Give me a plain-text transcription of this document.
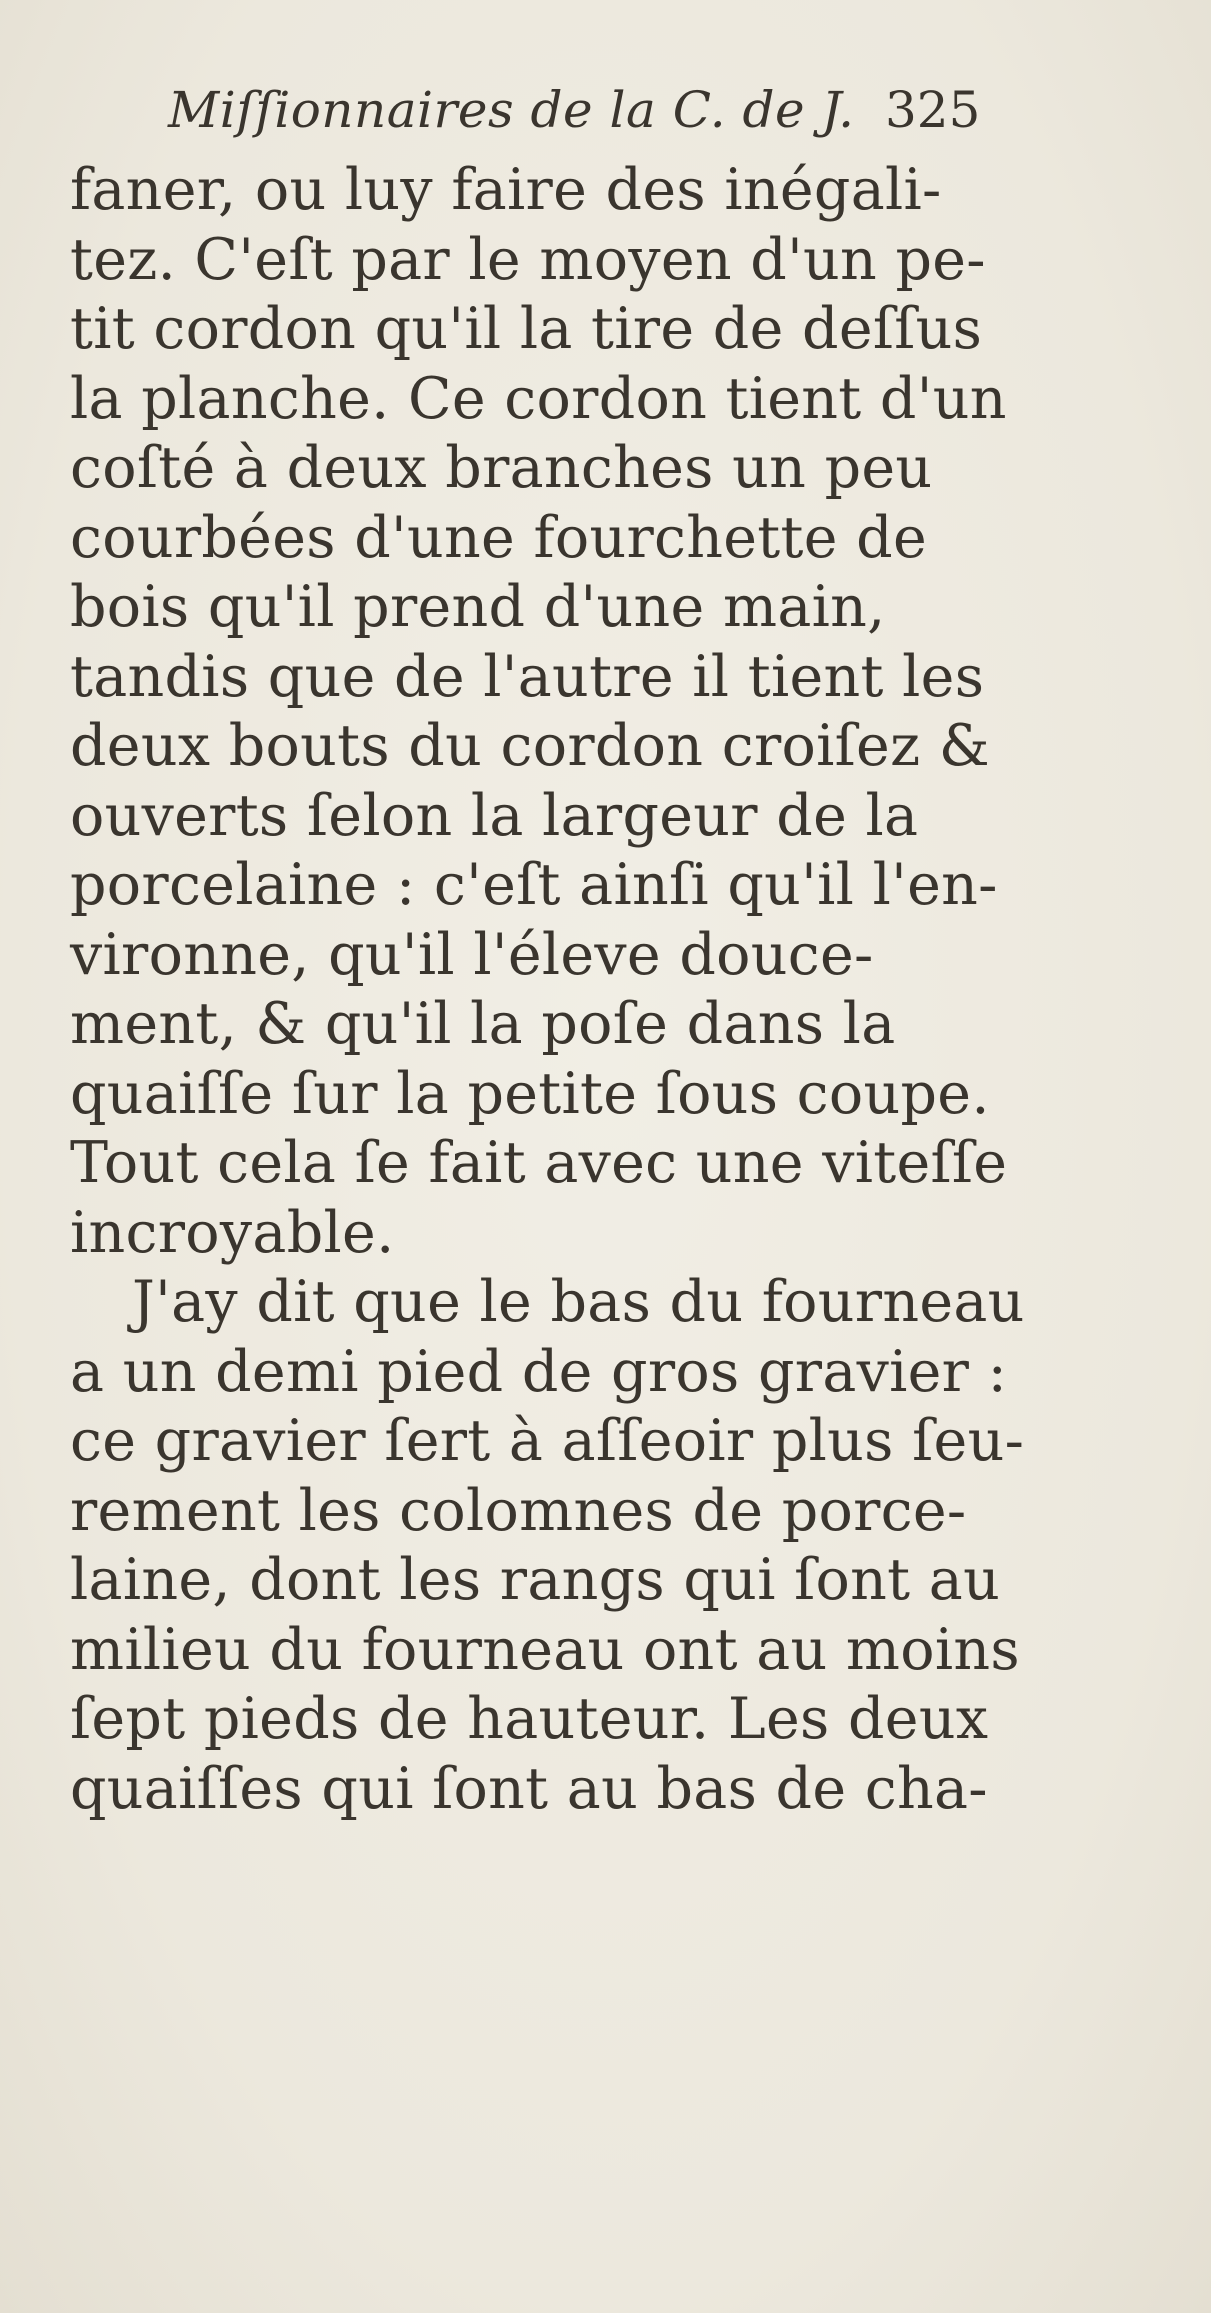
Miſſionnaires de la C. de J. 325
faner, ou luy faire des inégali-
tez. C'eſt par le moyen d'un pe-
tit cordon qu'il la tire de deſſus
la planche. Ce cordon tient d'un
coſté à deux branches un peu
courbées d'une fourchette de
bois qu'il prend d'une main,
tandis que de l'autre il tient les
deux bouts du cordon croiſez &
ouverts ſelon la largeur de la
porcelaine : c'eſt ainſi qu'il l'en-
vironne, qu'il l'éleve douce-
ment, & qu'il la poſe dans la
quaiſſe ſur la petite ſous coupe.
Tout cela ſe fait avec une viteſſe
incroyable.
J'ay dit que le bas du fourneau
a un demi pied de gros gravier :
ce gravier ſert à aſſeoir plus ſeu-
rement les colomnes de porce-
laine, dont les rangs qui ſont au
milieu du fourneau ont au moins
ſept pieds de hauteur. Les deux
quaiſſes qui ſont au bas de cha-
